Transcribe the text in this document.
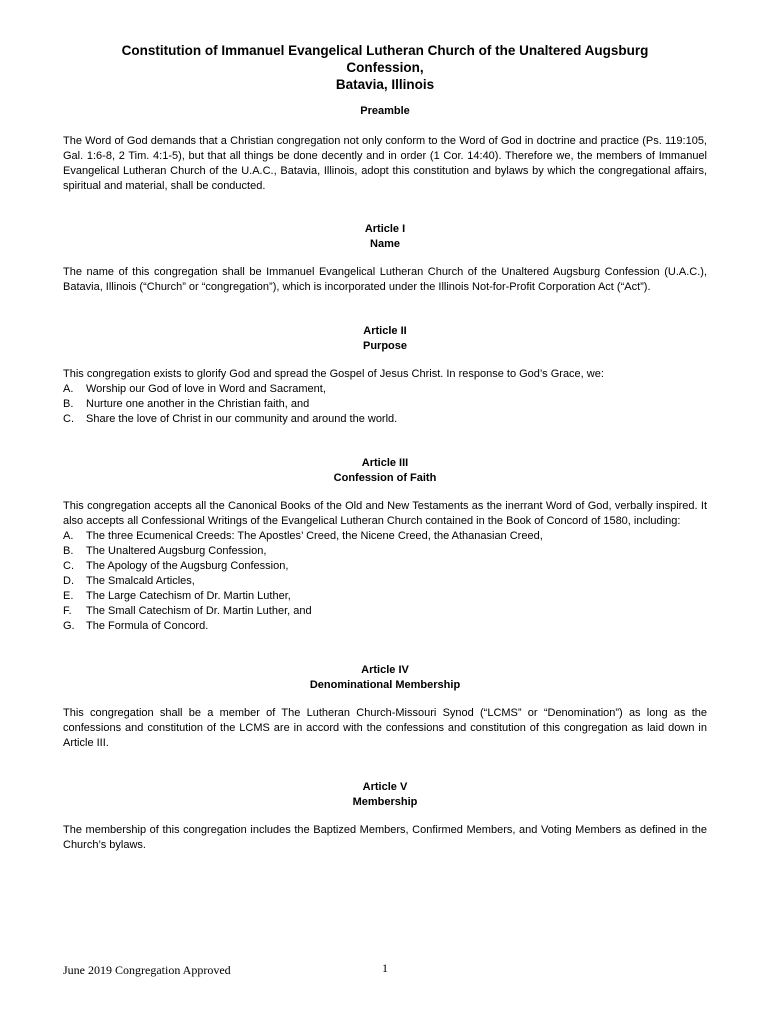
Constitution of Immanuel Evangelical Lutheran Church of the Unaltered Augsburg

Confession,

Batavia, Illinois

Preamble

The Word of God demands that a Christian congregation not only conform to the Word of God in doctrine and practice (Ps. 119:105, Gal. 1:6-8, 2 Tim. 4:1-5), but that all things be done decently and in order (1 Cor. 14:40). Therefore we, the members of Immanuel Evangelical Lutheran Church of the U.A.C., Batavia, Illinois, adopt this constitution and bylaws by which the congregational affairs, spiritual and material, shall be conducted.

Article I

Name

The name of this congregation shall be Immanuel Evangelical Lutheran Church of the Unaltered Augsburg Confession (U.A.C.), Batavia, Illinois (“Church” or “congregation”), which is incorporated under the Illinois Not-for-Profit Corporation Act (“Act”).

Article II

Purpose

This congregation exists to glorify God and spread the Gospel of Jesus Christ. In response to God’s Grace, we:

A.	Worship our God of love in Word and Sacrament,
B.	Nurture one another in the Christian faith, and
C.	Share the love of Christ in our community and around the world.

Article III

Confession of Faith

This congregation accepts all the Canonical Books of the Old and New Testaments as the inerrant Word of God, verbally inspired. It also accepts all Confessional Writings of the Evangelical Lutheran Church contained in the Book of Concord of 1580, including:

A.	The three Ecumenical Creeds: The Apostles’ Creed, the Nicene Creed, the Athanasian Creed,
B.	The Unaltered Augsburg Confession,
C.	The Apology of the Augsburg Confession,
D.	The Smalcald Articles,
E.	The Large Catechism of Dr. Martin Luther,
F.	The Small Catechism of Dr. Martin Luther, and
G.	The Formula of Concord.

Article IV

Denominational Membership

This congregation shall be a member of The Lutheran Church-Missouri Synod (“LCMS” or “Denomination”) as long as the confessions and constitution of the LCMS are in accord with the confessions and constitution of this congregation as laid down in Article III.

Article V

Membership

The membership of this congregation includes the Baptized Members, Confirmed Members, and Voting Members as defined in the Church’s bylaws.

June 2019 Congregation Approved	1
